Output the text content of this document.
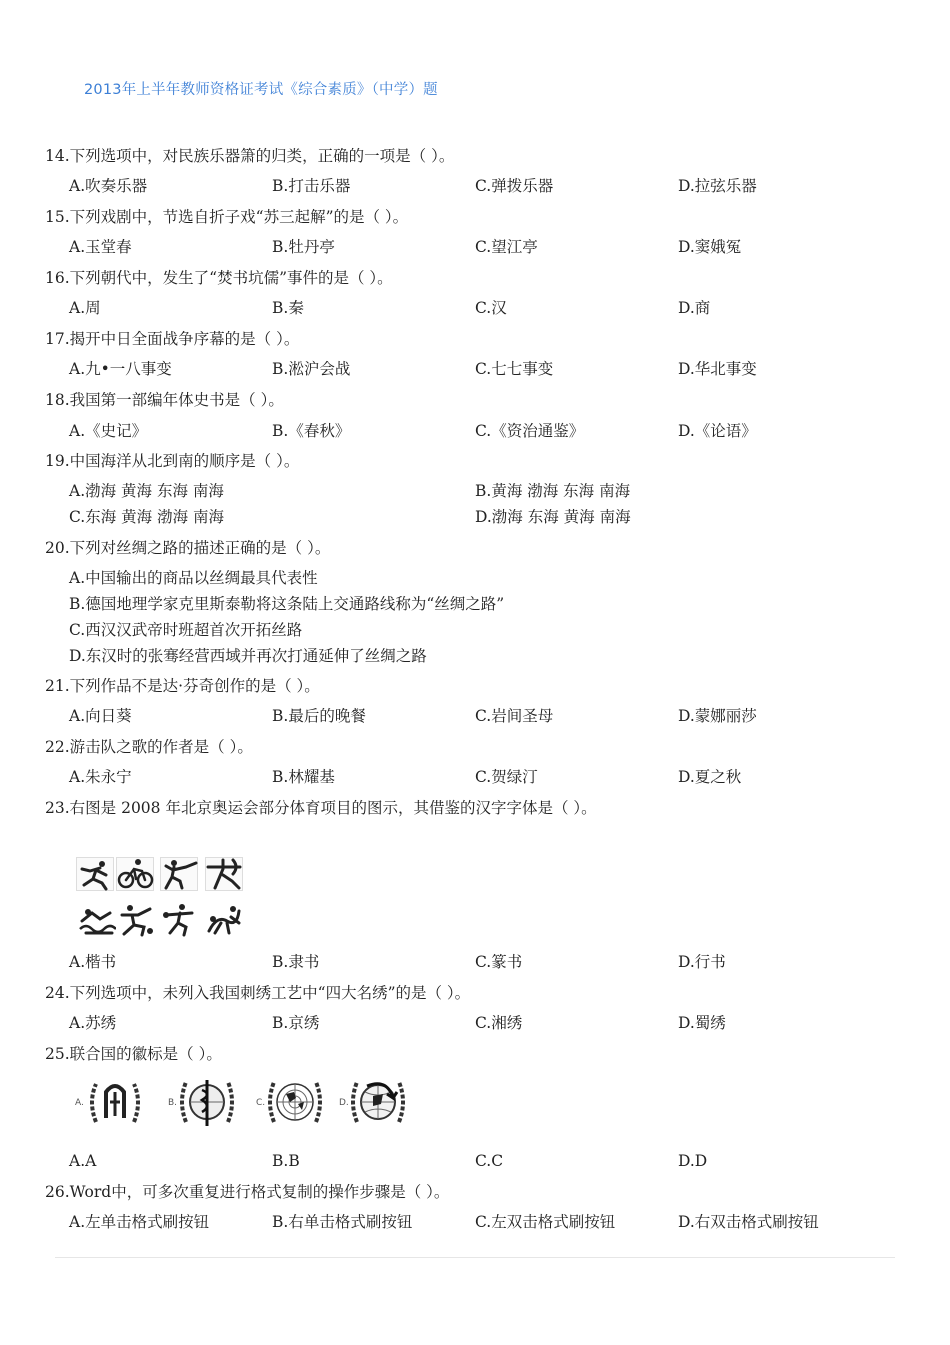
2013年上半年教师资格证考试《综合素质》（中学）题
14.下列选项中，对民族乐器箫的归类，正确的一项是（ ）。
A.吹奏乐器	B.打击乐器	C.弹拨乐器	D.拉弦乐器
15.下列戏剧中，节选自折子戏“苏三起解”的是（ ）。
A.玉堂春	B.牡丹亭	C.望江亭	D.窦娥冤
16.下列朝代中，发生了“焚书坑儒”事件的是（ ）。
A.周	B.秦	C.汉	D.商
17.揭开中日全面战争序幕的是（ ）。
A.九•一八事变	B.淞沪会战	C.七七事变	D.华北事变
18.我国第一部编年体史书是（ ）。
A.《史记》	B.《春秋》	C.《资治通鉴》	D.《论语》
19.中国海洋从北到南的顺序是（ ）。
A.渤海 黄海 东海 南海	B.黄海 渤海 东海 南海
C.东海 黄海 渤海 南海	D.渤海 东海 黄海 南海
20.下列对丝绸之路的描述正确的是（ ）。
A.中国输出的商品以丝绸最具代表性
B.德国地理学家克里斯泰勒将这条陆上交通路线称为“丝绸之路”
C.西汉汉武帝时班超首次开拓丝路
D.东汉时的张骞经营西域并再次打通延伸了丝绸之路
21.下列作品不是达·芬奇创作的是（ ）。
A.向日葵	B.最后的晚餐	C.岩间圣母	D.蒙娜丽莎
22.游击队之歌的作者是（ ）。
A.朱永宁	B.林耀基	C.贺绿汀	D.夏之秋
23.右图是 2008 年北京奥运会部分体育项目的图示，其借鉴的汉字字体是（ ）。
A.楷书	B.隶书	C.篆书	D.行书
24.下列选项中，未列入我国刺绣工艺中“四大名绣”的是（ ）。
A.苏绣	B.京绣	C.湘绣	D.蜀绣
25.联合国的徽标是（ ）。
A.	B.	C.	D.
A.A	B.B	C.C	D.D
26.Word中，可多次重复进行格式复制的操作步骤是（ ）。
A.左单击格式刷按钮	B.右单击格式刷按钮	C.左双击格式刷按钮	D.右双击格式刷按钮
